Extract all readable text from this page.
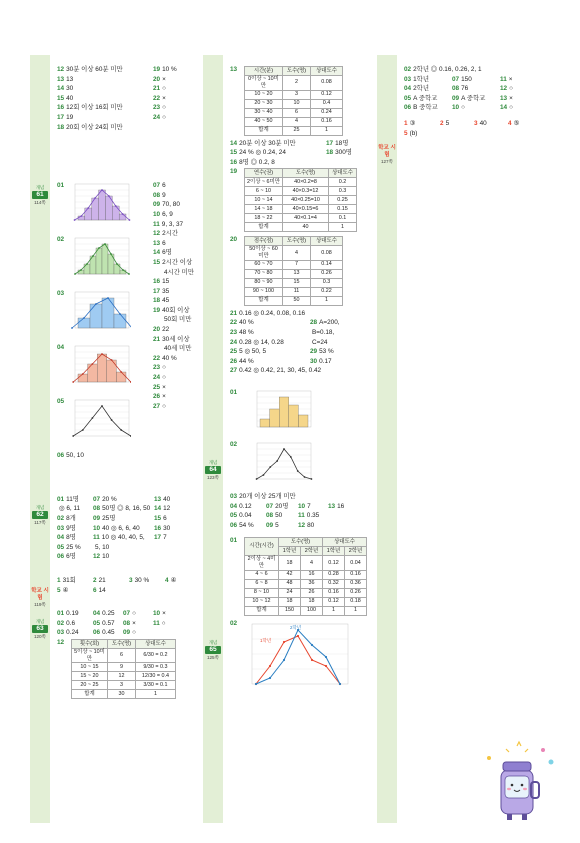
12 30분 이상 60분 미만	19 10 %
13 13	20 ×
14 30	21 ○
15 40	22 ×
16 12회 이상 16회 미만	23 ○
17 19	24 ○
18 20회 이상 24회 미만
01
02
03
04
05
07 6
08 9
09 70, 80
10 6, 9
11 9, 3, 37
12 2시간
13 6
14 6명
15 2시간 이상
4시간 미만
16 15
17 35
18 45
19 40회 이상
50회 미만
20 22
21 30세 이상
40세 미만
22 40 %
23 ○
24 ○
25 ×
26 ×
27 ○
06 50, 10
01 11명 07 20 %	13 40
◎ 6, 11 08 50명 ◎ 8, 16, 50 14 12
02 8개	09 25명	15 6
03 9명	10 40 ◎ 6, 6, 40 16 30
04 8명	11 10 ◎ 40, 40, 5, 17 7
05 25 %	5, 10
06 6명	12 10
1 31회	2 21	3 30 % 4 ④
5 ④	6 14
01 0.19 04 0.25 07 ○	10 ×
02 0.6	05 0.57 08 ×	11 ○
03 0.24 06 0.45 09 ○
12	횟수(회)	도수(명)	상대도수
5이상 ~ 10미만	6	6/30 = 0.2
10 ~ 15	9	9/30 = 0.3
15 ~ 20	12	12/30 = 0.4
20 ~ 25	3	3/30 = 0.1
합계	30	1
개념
61
114쪽
개념
62
117쪽
학교 시험
119쪽
개념
63
120쪽
개념
64
123쪽
개념
65
125쪽
학교 시험
127쪽
13	시간(분)	도수(명)	상대도수
0이상 ~ 10미만	2	0.08
10 ~ 20	3	0.12
20 ~ 30	10	0.4
30 ~ 40	6	0.24
40 ~ 50	4	0.16
합계	25	1
14 20분 이상 30분 미만	17 18명
15 24 % ◎ 0.24, 24	18 300명
16 8명 ◎ 0.2, 8
19	연수(권)	도수(명)	상대도수
2이상 ~ 6미만	40×0.2=8	0.2
6 ~ 10	40×0.3=12	0.3
10 ~ 14	40×0.25=10	0.25
14 ~ 18	40×0.15=6	0.15
18 ~ 22	40×0.1=4	0.1
합계	40	1
20	점수(점)	도수(명)	상대도수
50이상 ~ 60미만	4	0.08
60 ~ 70	7	0.14
70 ~ 80	13	0.26
80 ~ 90	15	0.3
90 ~ 100	11	0.22
합계	50	1
21 0.16 ◎ 0.24, 0.08, 0.16
22 40 %	28 A=200,
23 48 %	B=0.18,
24 0.28 ◎ 14, 0.28	C=24
25 5 ◎ 50, 5	29 53 %
26 44 %	30 0.17
27 0.42 ◎ 0.42, 21, 30, 45, 0.42
01
02
03 20개 이상 25개 미만
04 0.12 07 20명 10 7	13 16
05 0.04 08 50 11 0.35
06 54 % 09 5	12 80
01
시간(시간)	도수(명)		상대도수	
	1학년	2학년	1학년	2학년
2이상 ~ 4미만	18	4	0.12	0.04
4 ~ 6	42	16	0.28	0.16
6 ~ 8	48	36	0.32	0.36
8 ~ 10	24	26	0.16	0.26
10 ~ 12	18	18	0.12	0.18
합계	150	100	1	1
02
2학년
1학년
02 2학년 ◎ 0.16, 0.26, 2, 1
03 1학년	07 150	11 ×
04 2학년	08 76	12 ○
05 A 중학교 09 A 중학교 13 ×
06 B 중학교 10 ○	14 ○
1 ③	2 5	3 40	4 ⑤
5 (b)
